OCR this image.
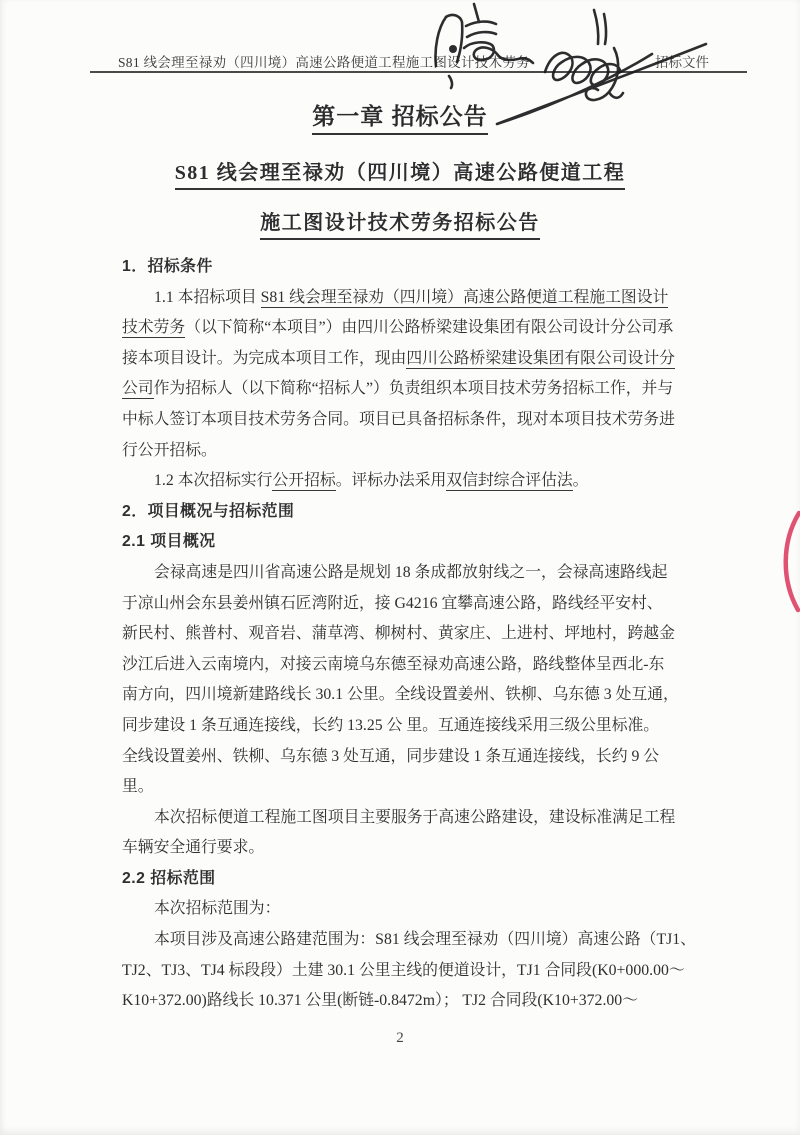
S81 线会理至禄劝（四川境）高速公路便道工程施工图设计技术劳务	招标文件
第一章 招标公告
S81 线会理至禄劝（四川境）高速公路便道工程
施工图设计技术劳务招标公告
1．招标条件
1.1 本招标项目 S81 线会理至禄劝（四川境）高速公路便道工程施工图设计
技术劳务（以下简称“本项目”）由四川公路桥梁建设集团有限公司设计分公司承
接本项目设计。为完成本项目工作，现由四川公路桥梁建设集团有限公司设计分
公司作为招标人（以下简称“招标人”）负责组织本项目技术劳务招标工作，并与
中标人签订本项目技术劳务合同。项目已具备招标条件，现对本项目技术劳务进
行公开招标。
1.2 本次招标实行公开招标。评标办法采用双信封综合评估法。
2．项目概况与招标范围
2.1 项目概况
会禄高速是四川省高速公路是规划 18 条成都放射线之一，会禄高速路线起
于凉山州会东县姜州镇石匠湾附近，接 G4216 宜攀高速公路，路线经平安村、
新民村、熊普村、观音岩、蒲草湾、柳树村、黄家庄、上进村、坪地村，跨越金
沙江后进入云南境内，对接云南境乌东德至禄劝高速公路，路线整体呈西北-东
南方向，四川境新建路线长 30.1 公里。全线设置姜州、铁柳、乌东德 3 处互通，
同步建设 1 条互通连接线，长约 13.25 公 里。互通连接线采用三级公里标准。
全线设置姜州、铁柳、乌东德 3 处互通，同步建设 1 条互通连接线，长约 9 公
里。
本次招标便道工程施工图项目主要服务于高速公路建设，建设标准满足工程
车辆安全通行要求。
2.2 招标范围
本次招标范围为：
本项目涉及高速公路建范围为：S81 线会理至禄劝（四川境）高速公路（TJ1、
TJ2、TJ3、TJ4 标段段）土建 30.1 公里主线的便道设计，TJ1 合同段(K0+000.00～
K10+372.00)路线长 10.371 公里(断链-0.8472m）； TJ2 合同段(K10+372.00～
2
